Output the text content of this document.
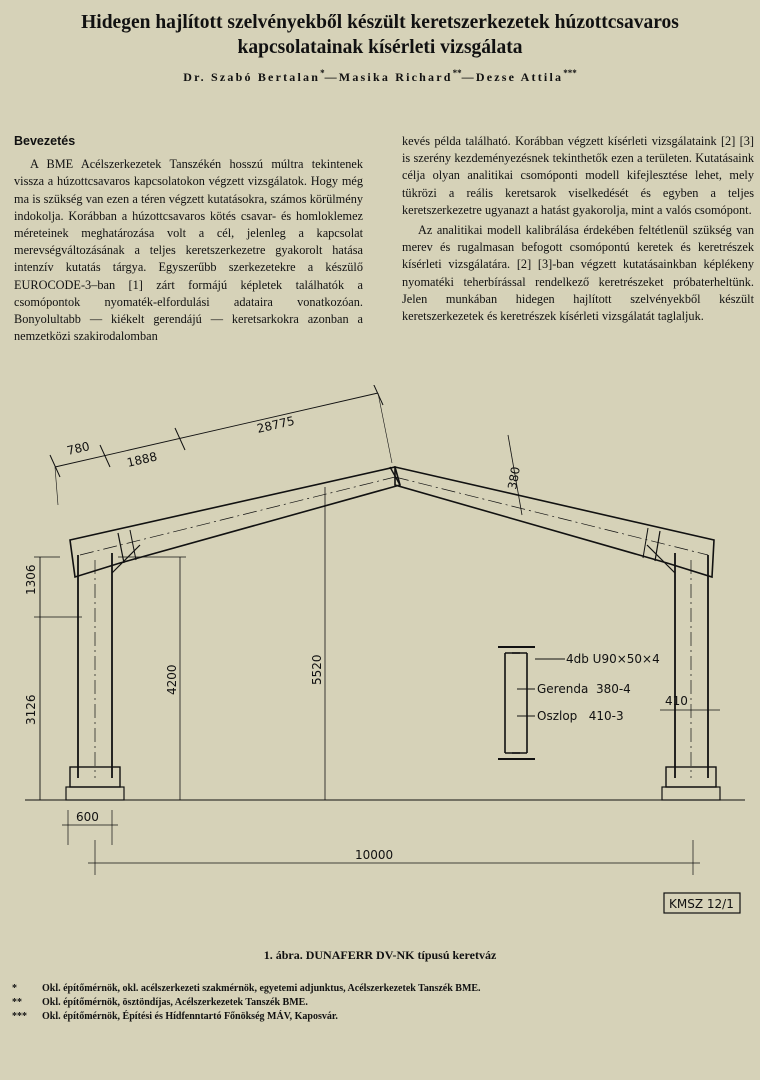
Hidegen hajlított szelvényekből készült keretszerkezetek húzottcsavaros
kapcsolatainak kísérleti vizsgálata
Dr. Szabó Bertalan*—Masika Richard**—Dezse Attila***

Bevezetés

A BME Acélszerkezetek Tanszékén hosszú múltra tekintenek vissza a húzottcsavaros kapcsolatokon végzett vizsgálatok. Hogy még ma is szükség van ezen a téren végzett kutatásokra, számos körülmény indokolja. Korábban a húzottcsavaros kötés csavar- és homloklemez méreteinek meghatározása volt a cél, jelenleg a kapcsolat merevségváltozásának a teljes keretszerkezetre gyakorolt hatása intenzív kutatás tárgya. Egyszerűbb szerkezetekre a készülő EUROCODE-3–ban [1] zárt formájú képletek találhatók a csomópontok nyomaték-elfordulási adataira vonatkozóan. Bonyolultabb — kiékelt gerendájú — keretsarkokra azonban a nemzetközi szakirodalomban

kevés példa található. Korábban végzett kísérleti vizsgálataink [2] [3] is szerény kezdeményezésnek tekinthetők ezen a területen. Kutatásaink célja olyan analitikai csomóponti modell kifejlesztése lehet, mely tükrözi a reális keretsarok viselkedését és egyben a teljes keretszerkezetre ugyanazt a hatást gyakorolja, mint a valós csomópont.

Az analitikai modell kalibrálása érdekében feltétlenül szükség van merev és rugalmasan befogott csomópontú keretek és keretrészek kísérleti vizsgálatára. [2] [3]-ban végzett kutatásainkban képlékeny nyomatéki teherbírással rendelkező keretrészeket próbaterheltünk. Jelen munkában hidegen hajlított szelvényekből készült keretszerkezetek és keretrészek kísérleti vizsgálatát taglaljuk.

780
1888
28775
380
1306
3126
4200	5520
410
600
10000
4db U90×50×4
Gerenda  380-4
Oszlop   410-3
KMSZ 12/1
1. ábra. DUNAFERR DV-NK típusú keretváz
*	Okl. építőmérnök, okl. acélszerkezeti szakmérnök, egyetemi adjunktus, Acélszerkezetek Tanszék BME.
** Okl. építőmérnök, ösztöndíjas, Acélszerkezetek Tanszék BME.
*** Okl. építőmérnök, Építési és Hídfenntartó Főnökség MÁV, Kaposvár.
